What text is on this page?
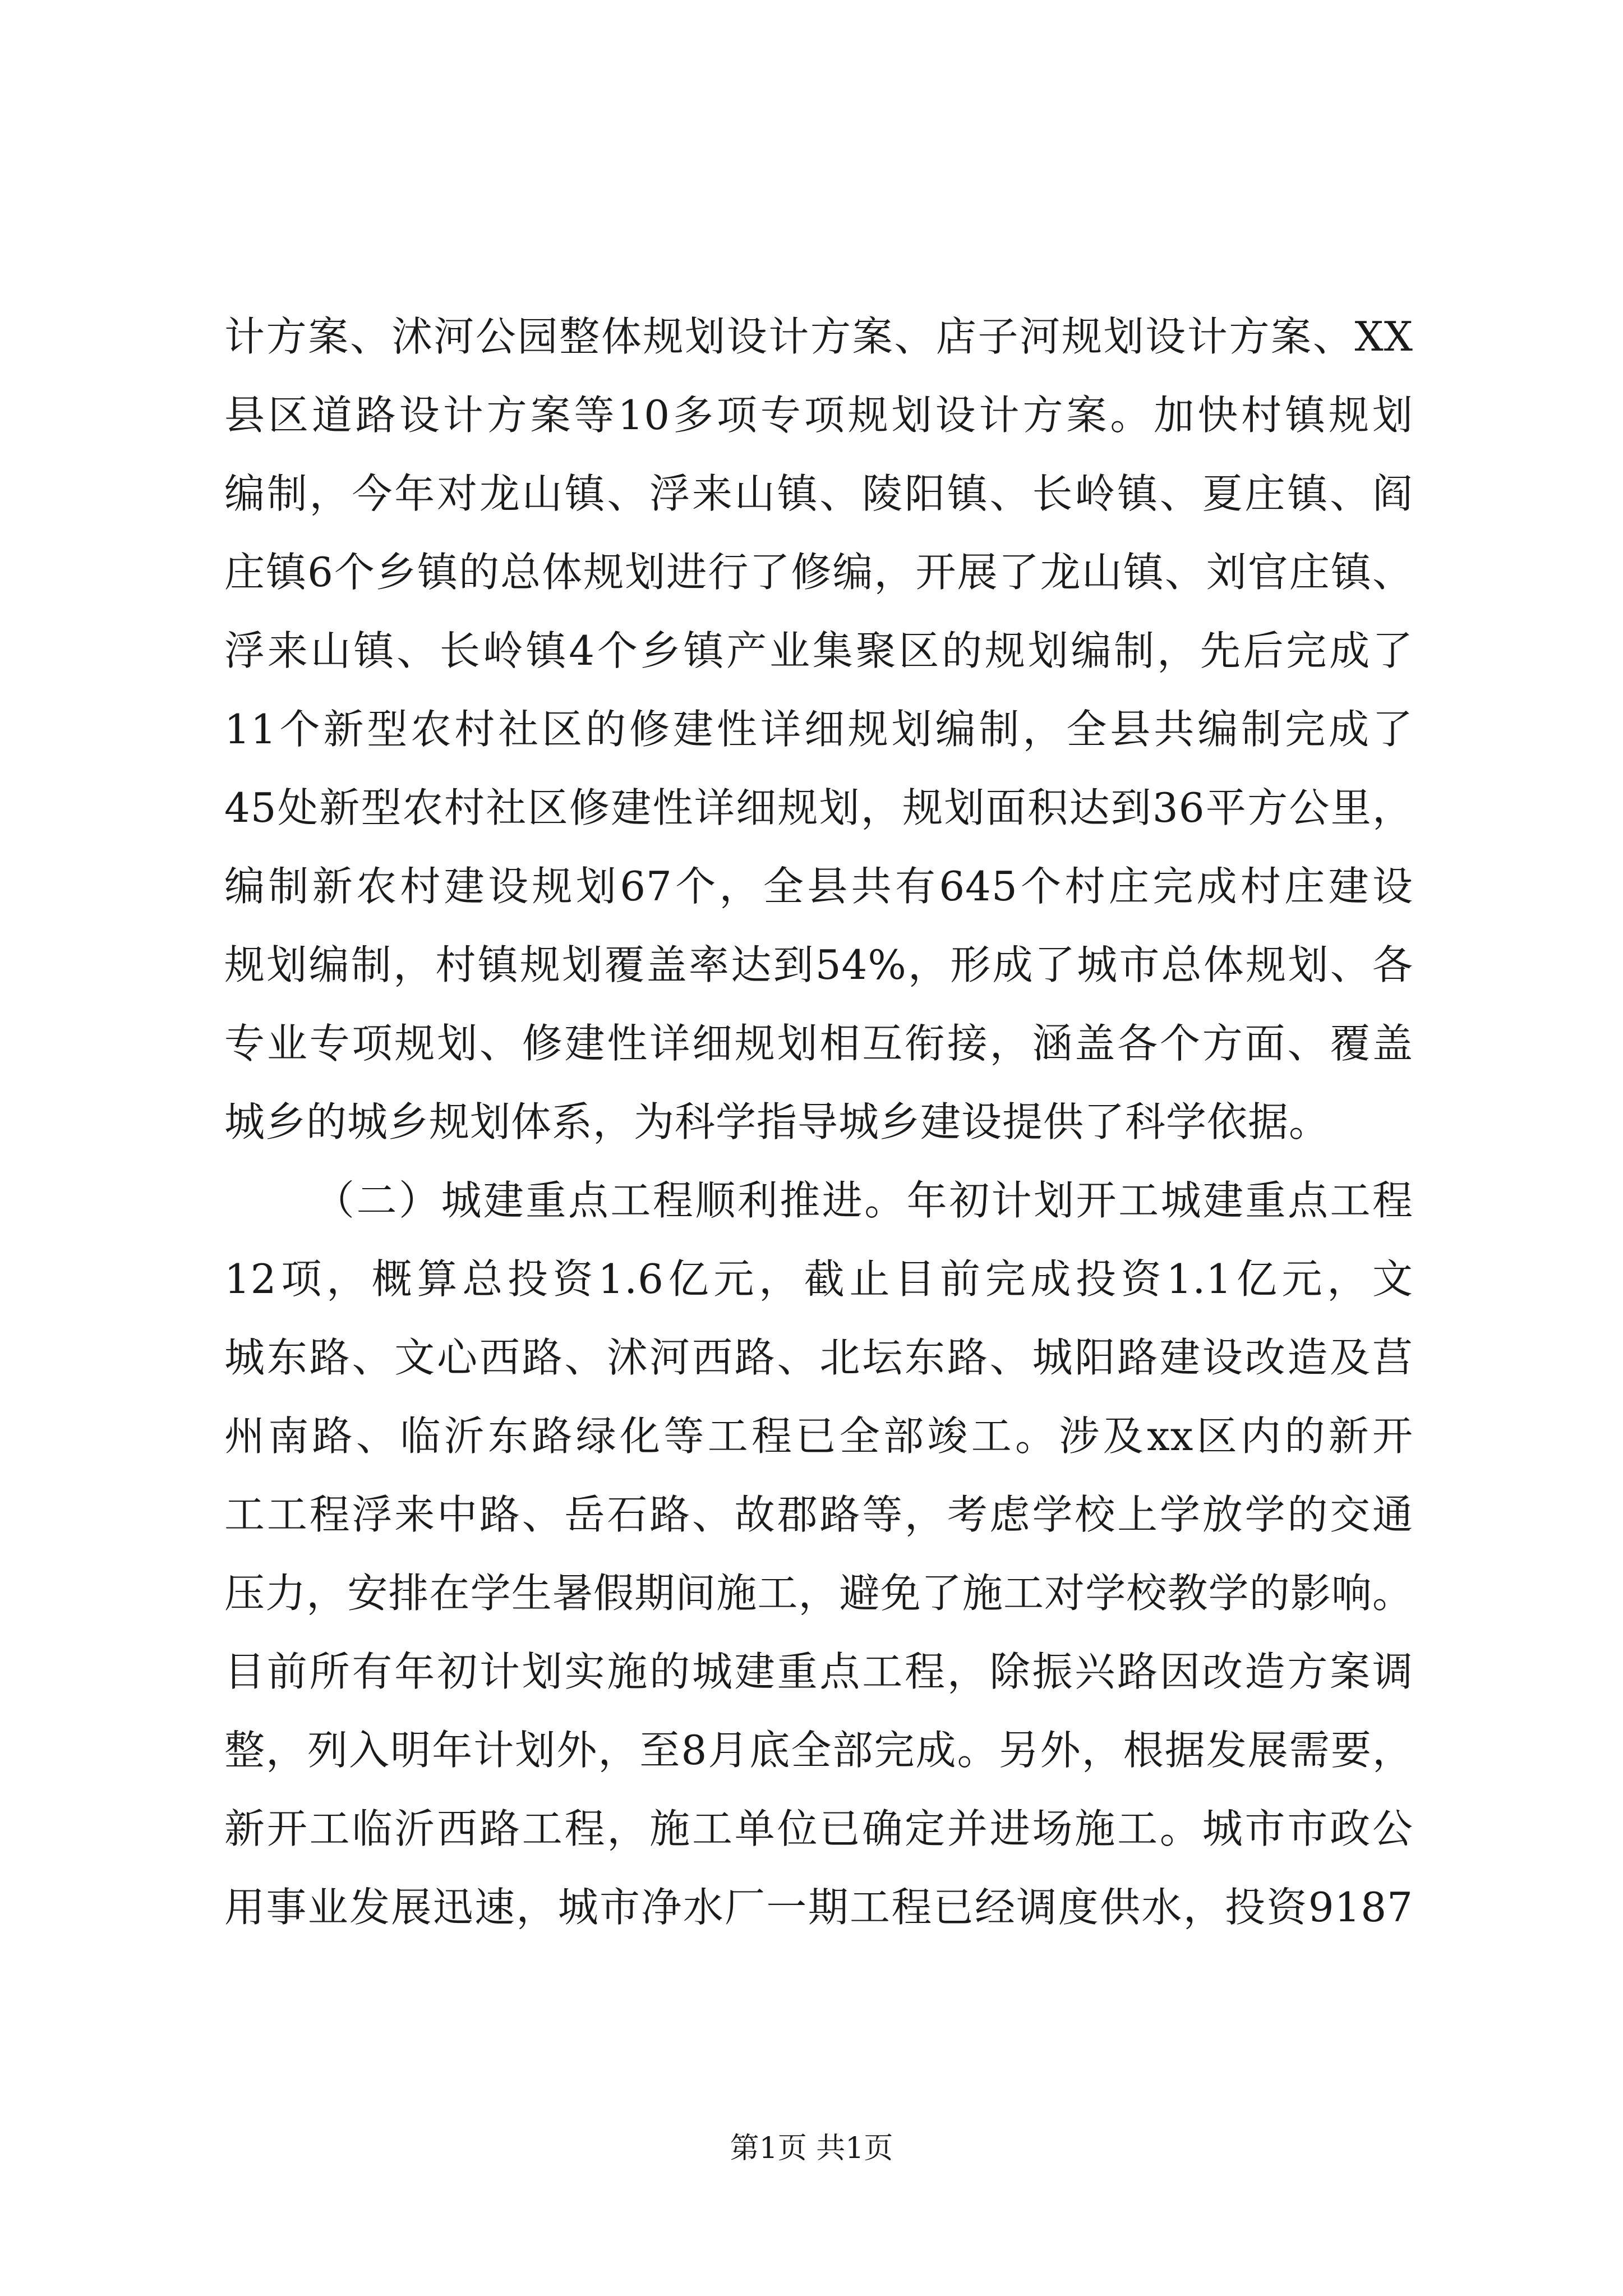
计方案、沭河公园整体规划设计方案、店子河规划设计方案、XX
县区道路设计方案等10多项专项规划设计方案。加快村镇规划
编制，今年对龙山镇、浮来山镇、陵阳镇、长岭镇、夏庄镇、阎
庄镇6个乡镇的总体规划进行了修编，开展了龙山镇、刘官庄镇、
浮来山镇、长岭镇4个乡镇产业集聚区的规划编制，先后完成了
11个新型农村社区的修建性详细规划编制，全县共编制完成了
45处新型农村社区修建性详细规划，规划面积达到36平方公里，
编制新农村建设规划67个，全县共有645个村庄完成村庄建设
规划编制，村镇规划覆盖率达到54%，形成了城市总体规划、各
专业专项规划、修建性详细规划相互衔接，涵盖各个方面、覆盖
城乡的城乡规划体系，为科学指导城乡建设提供了科学依据。
（二）城建重点工程顺利推进。年初计划开工城建重点工程
12项，概算总投资1.6亿元，截止目前完成投资1.1亿元，文
城东路、文心西路、沭河西路、北坛东路、城阳路建设改造及莒
州南路、临沂东路绿化等工程已全部竣工。涉及xx区内的新开
工工程浮来中路、岳石路、故郡路等，考虑学校上学放学的交通
压力，安排在学生暑假期间施工，避免了施工对学校教学的影响。
目前所有年初计划实施的城建重点工程，除振兴路因改造方案调
整，列入明年计划外，至8月底全部完成。另外，根据发展需要，
新开工临沂西路工程，施工单位已确定并进场施工。城市市政公
用事业发展迅速，城市净水厂一期工程已经调度供水，投资9187
第1页 共1页
